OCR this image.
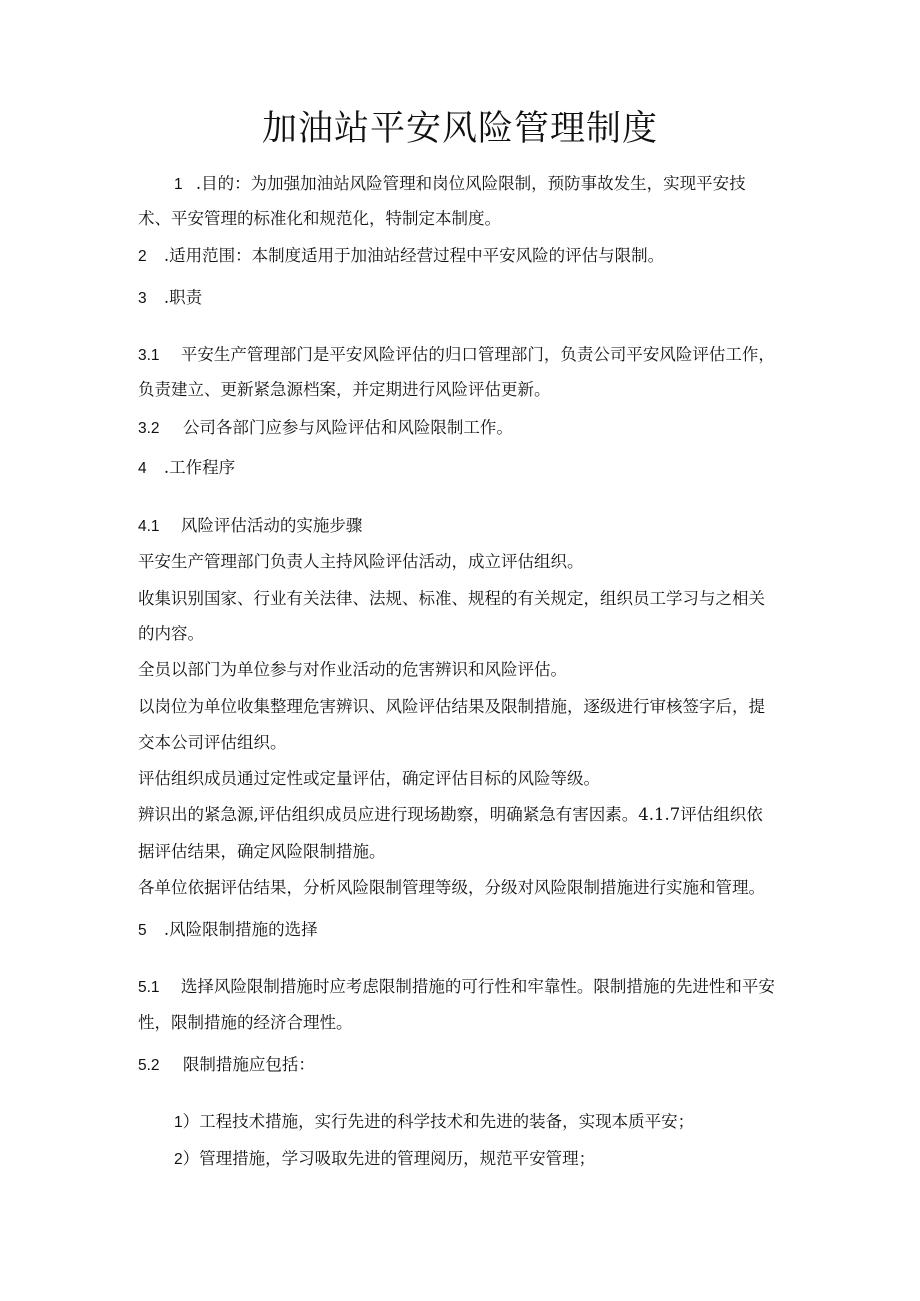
加油站平安风险管理制度
1 .目的：为加强加油站风险管理和岗位风险限制，预防事故发生，实现平安技
术、平安管理的标准化和规范化，特制定本制度。
2 .适用范围：本制度适用于加油站经营过程中平安风险的评估与限制。
3 .职责
3.1 平安生产管理部门是平安风险评估的归口管理部门，负责公司平安风险评估工作，
负责建立、更新紧急源档案，并定期进行风险评估更新。
3.2 公司各部门应参与风险评估和风险限制工作。
4 .工作程序
4.1 风险评估活动的实施步骤
平安生产管理部门负责人主持风险评估活动，成立评估组织。
收集识别国家、行业有关法律、法规、标准、规程的有关规定，组织员工学习与之相关
的内容。
全员以部门为单位参与对作业活动的危害辨识和风险评估。
以岗位为单位收集整理危害辨识、风险评估结果及限制措施，逐级进行审核签字后，提
交本公司评估组织。
评估组织成员通过定性或定量评估，确定评估目标的风险等级。
辨识出的紧急源,评估组织成员应进行现场勘察，明确紧急有害因素。4.1.7评估组织依
据评估结果，确定风险限制措施。
各单位依据评估结果，分析风险限制管理等级，分级对风险限制措施进行实施和管理。
5 .风险限制措施的选择
5.1 选择风险限制措施时应考虑限制措施的可行性和牢靠性。限制措施的先进性和平安
性，限制措施的经济合理性。
5.2 限制措施应包括：
1）工程技术措施，实行先进的科学技术和先进的装备，实现本质平安；
2）管理措施，学习吸取先进的管理阅历，规范平安管理；
